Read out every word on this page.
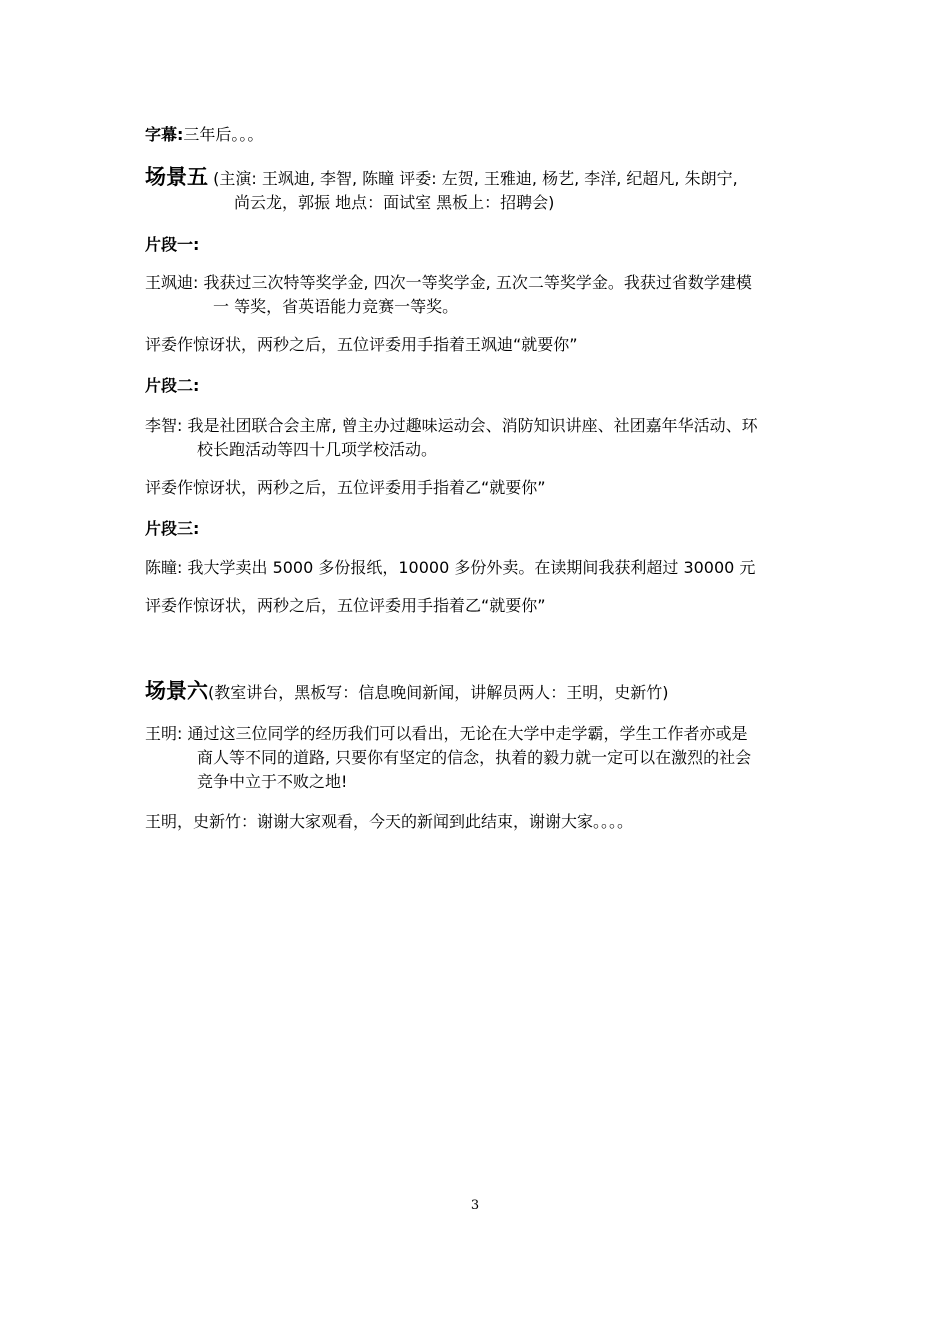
字幕:三年后。。。
场景五 (主演: 王飒迪, 李智, 陈瞳 评委: 左贺, 王雅迪, 杨艺, 李洋, 纪超凡, 朱朗宁,
尚云龙，郭振 地点：面试室 黑板上：招聘会)
片段一:
王飒迪: 我获过三次特等奖学金, 四次一等奖学金, 五次二等奖学金。我获过省数学建模
一 等奖，省英语能力竞赛一等奖。
评委作惊讶状，两秒之后，五位评委用手指着王飒迪“就要你”
片段二:
李智: 我是社团联合会主席, 曾主办过趣味运动会、消防知识讲座、社团嘉年华活动、环
校长跑活动等四十几项学校活动。
评委作惊讶状，两秒之后，五位评委用手指着乙“就要你”
片段三:
陈瞳: 我大学卖出 5000 多份报纸，10000 多份外卖。在读期间我获利超过 30000 元
评委作惊讶状，两秒之后，五位评委用手指着乙“就要你”
场景六(教室讲台，黑板写：信息晚间新闻，讲解员两人：王明，史新竹)
王明: 通过这三位同学的经历我们可以看出，无论在大学中走学霸，学生工作者亦或是
商人等不同的道路, 只要你有坚定的信念，执着的毅力就一定可以在激烈的社会
竞争中立于不败之地!
王明，史新竹：谢谢大家观看，今天的新闻到此结束，谢谢大家。。。。
3
